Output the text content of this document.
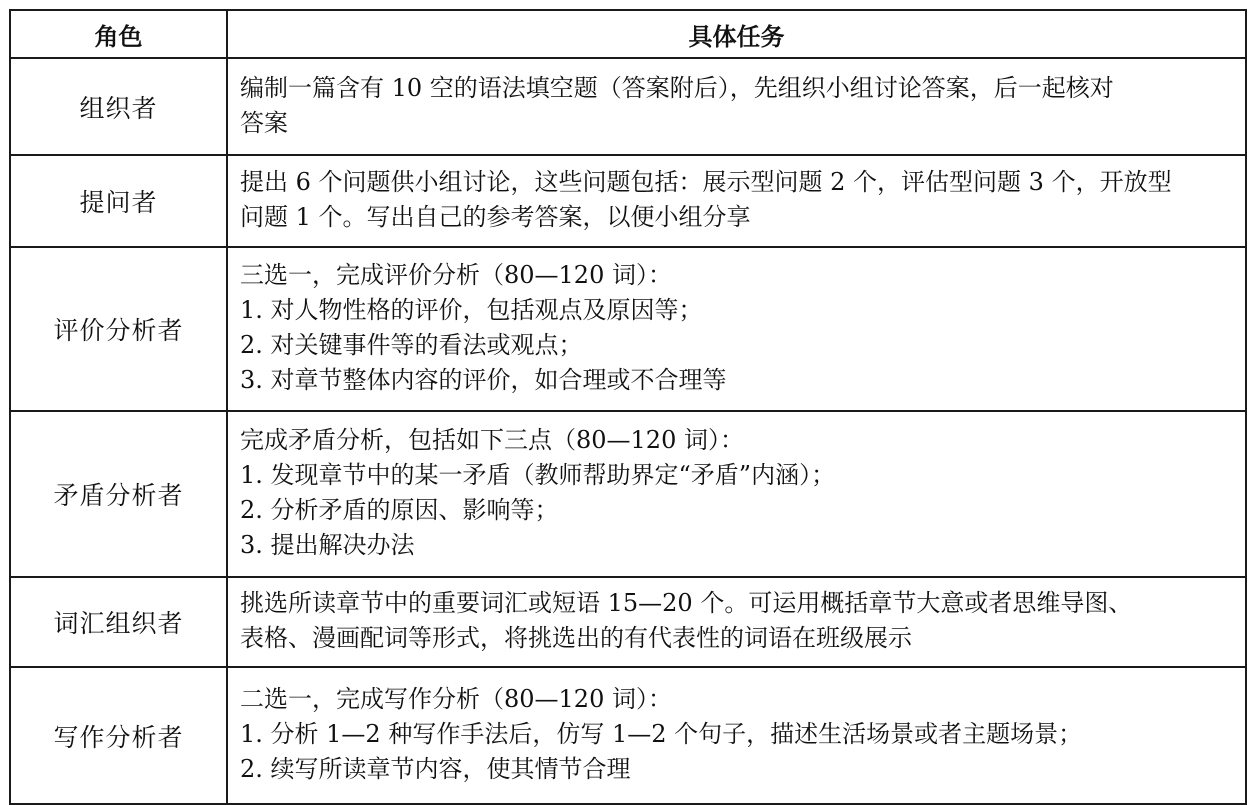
角色	具体任务
组织者	编制一篇含有 10 空的语法填空题（答案附后），先组织小组讨论答案，后一起核对
答案

提问者	提出 6 个问题供小组讨论，这些问题包括：展示型问题 2 个，评估型问题 3 个，开放型
问题 1 个。写出自己的参考答案，以便小组分享

评价分析者	三选一，完成评价分析（80—120 词）：
1. 对人物性格的评价，包括观点及原因等；
2. 对关键事件等的看法或观点；
3. 对章节整体内容的评价，如合理或不合理等

矛盾分析者	完成矛盾分析，包括如下三点（80—120 词）：
1. 发现章节中的某一矛盾（教师帮助界定“矛盾”内涵）；
2. 分析矛盾的原因、影响等；
3. 提出解决办法

词汇组织者	挑选所读章节中的重要词汇或短语 15—20 个。可运用概括章节大意或者思维导图、
表格、漫画配词等形式，将挑选出的有代表性的词语在班级展示

写作分析者	二选一，完成写作分析（80—120 词）：
1. 分析 1—2 种写作手法后，仿写 1—2 个句子，描述生活场景或者主题场景；
2. 续写所读章节内容，使其情节合理
